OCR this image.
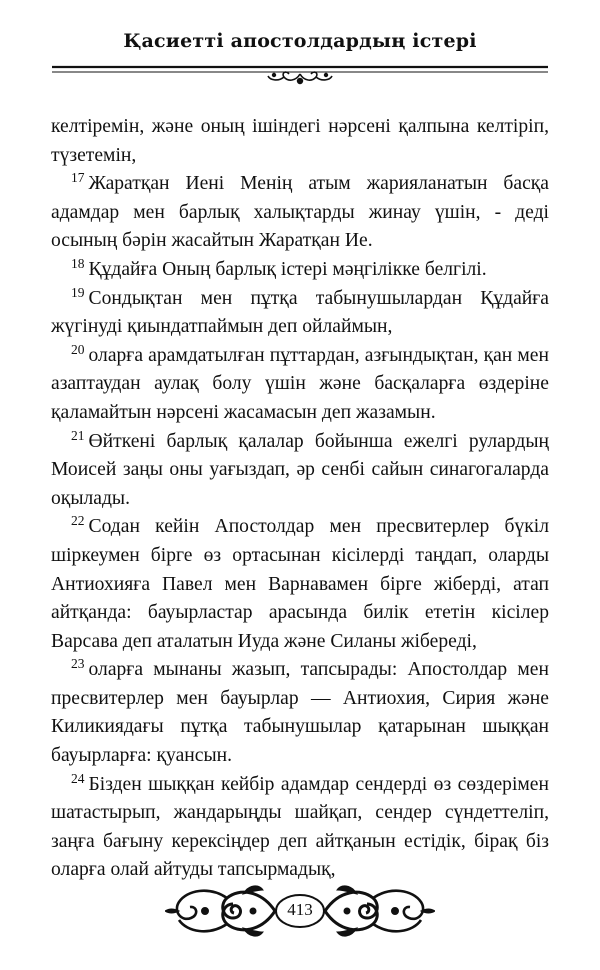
Қасиетті апостолдардың істері

келтіремін, және оның ішіндегі нәрсені қалпына келтіріп, түзетемін,

$^{17}$ Жаратқан Иені Менің атым жарияланатын басқа адамдар мен барлық халықтарды жинау үшін, - деді осының бәрін жасайтын Жаратқан Ие.

$^{18}$ Құдайға Оның барлық істері мәңгілікке белгілі.

$^{19}$ Сондықтан мен пұтқа табынушылардан Құдайға жүгінуді қиындатпаймын деп ойлаймын,

$^{20}$ оларға арамдатылған пұттардан, азғындықтан, қан мен азаптаудан аулақ болу үшін және басқаларға өздеріне қаламайтын нәрсені жасамасын деп жазамын.

$^{21}$ Өйткені барлық қалалар бойынша ежелгі рулардың Моисей заңы оны уағыздап, әр сенбі сайын синагогаларда оқылады.

$^{22}$ Содан кейін Апостолдар мен пресвитерлер бүкіл шіркеумен бірге өз ортасынан кісілерді таңдап, оларды Антиохияға Павел мен Варнавамен бірге жіберді, атап айтқанда: бауырластар арасында билік ететін кісілер Варсава деп аталатын Иуда және Силаны жібереді,

$^{23}$ оларға мынаны жазып, тапсырады: Апостолдар мен пресвитерлер мен бауырлар — Антиохия, Сирия және Киликиядағы пұтқа табынушылар қатарынан шыққан бауырларға: қуансын.

$^{24}$ Бізден шыққан кейбір адамдар сендерді өз сөздерімен шатастырып, жандарыңды шайқап, сендер сүндеттеліп, заңға бағыну керексіңдер деп айтқанын естідік, бірақ біз оларға олай айтуды тапсырмадық,

413
